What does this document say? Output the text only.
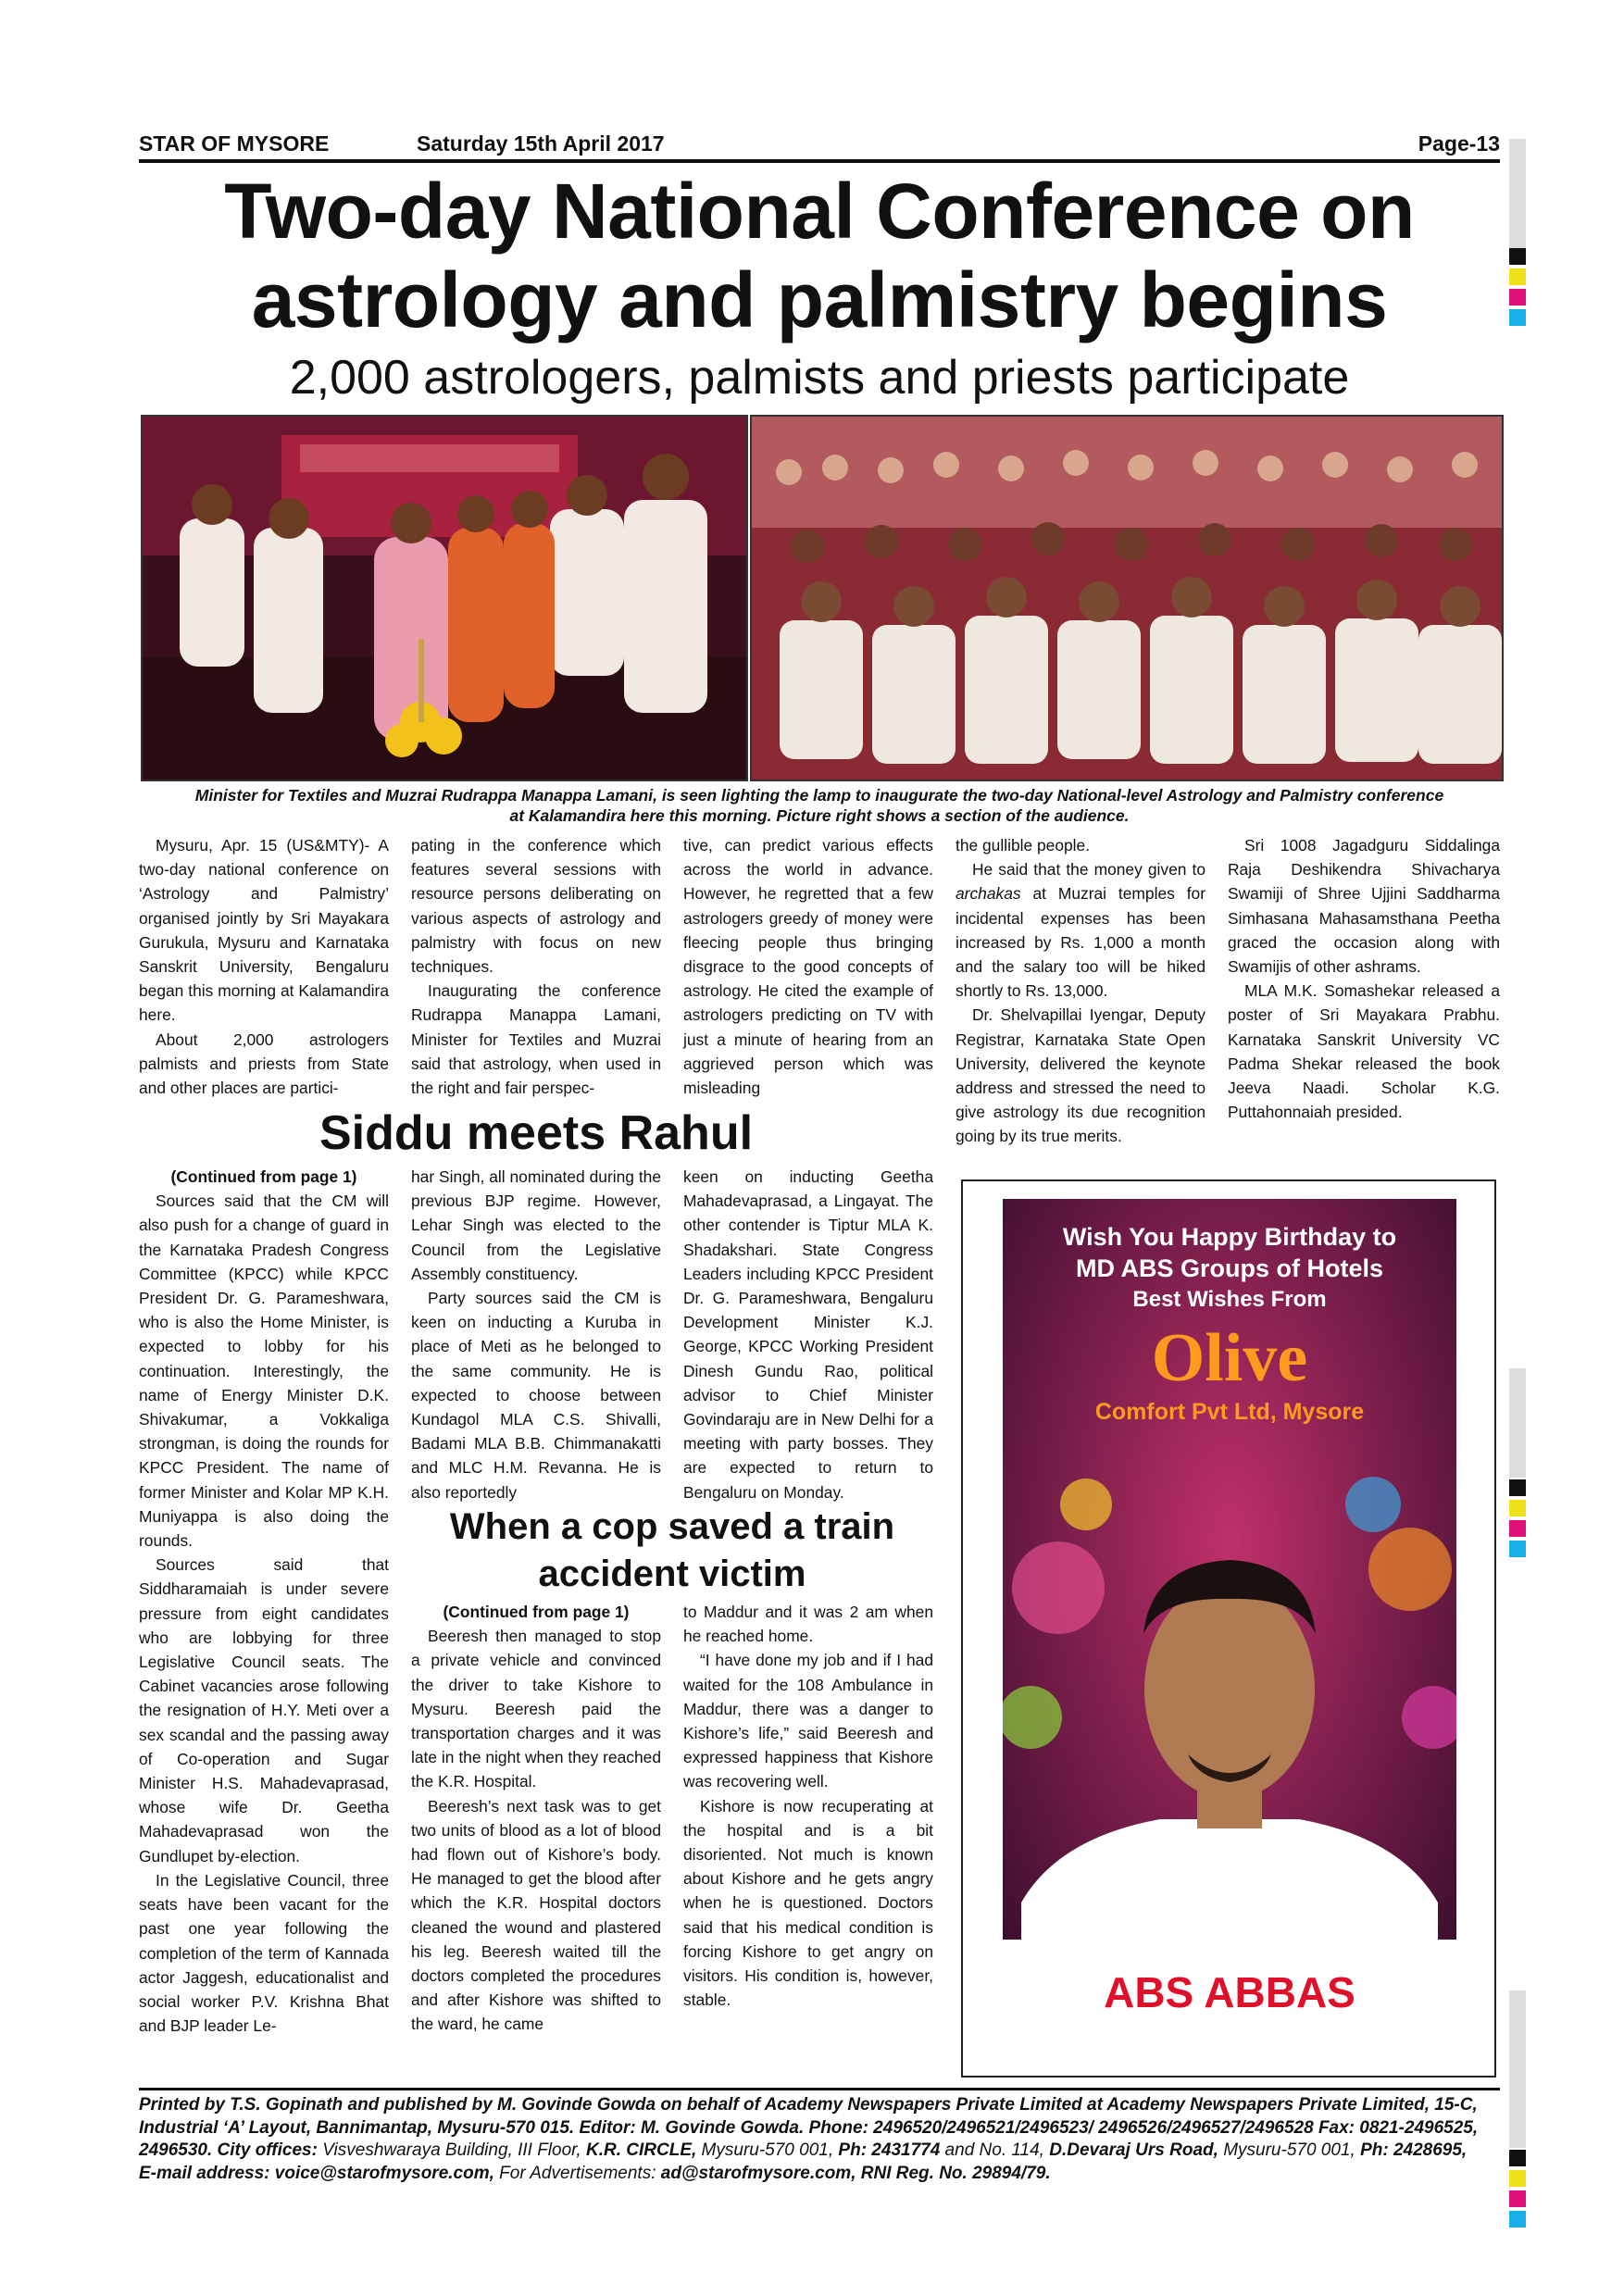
STAR OF MYSORE	Saturday 15th April 2017	Page-13
Two-day National Conference on
astrology and palmistry begins
2,000 astrologers, palmists and priests participate
Minister for Textiles and Muzrai Rudrappa Manappa Lamani, is seen lighting the lamp to inaugurate the two-day National-level Astrology and Palmistry conference
at Kalamandira here this morning. Picture right shows a section of the audience.

Mysuru, Apr. 15 (US&MTY)- A two-day national conference on ‘Astrology and Palmistry’ organised jointly by Sri Mayakara Gurukula, Mysuru and Karnataka Sanskrit University, Bengaluru began this morning at Kalamandira here.

About 2,000 astrologers palmists and priests from State and other places are partici-

pating in the conference which features several sessions with resource persons deliberating on various aspects of astrology and palmistry with focus on new techniques.

Inaugurating the conference Rudrappa Manappa Lamani, Minister for Textiles and Muzrai said that astrology, when used in the right and fair perspec-

tive, can predict various effects across the world in advance. However, he regretted that a few astrologers greedy of money were fleecing people thus bringing disgrace to the good concepts of astrology. He cited the example of astrologers predicting on TV with just a minute of hearing from an aggrieved person which was misleading

the gullible people.

He said that the money given to archakas at Muzrai temples for incidental expenses has been increased by Rs. 1,000 a month and the salary too will be hiked shortly to Rs. 13,000.

Dr. Shelvapillai Iyengar, Deputy Registrar, Karnataka State Open University, delivered the keynote address and stressed the need to give astrology its due recognition going by its true merits.

Sri 1008 Jagadguru Siddalinga Raja Deshikendra Shivacharya Swamiji of Shree Ujjini Saddharma Simhasana Mahasamsthana Peetha graced the occasion along with Swamijis of other ashrams.

MLA M.K. Somashekar released a poster of Sri Mayakara Prabhu. Karnataka Sanskrit University VC Padma Shekar released the book Jeeva Naadi. Scholar K.G. Puttahonnaiah presided.

Siddu meets Rahul

(Continued from page 1)

Sources said that the CM will also push for a change of guard in the Karnataka Pradesh Congress Committee (KPCC) while KPCC President Dr. G. Parameshwara, who is also the Home Minister, is expected to lobby for his continuation. Interestingly, the name of Energy Minister D.K. Shivakumar, a Vokkaliga strongman, is doing the rounds for KPCC President. The name of former Minister and Kolar MP K.H. Muniyappa is also doing the rounds.

Sources said that Siddharamaiah is under severe pressure from eight candidates who are lobbying for three Legislative Council seats. The Cabinet vacancies arose following the resignation of H.Y. Meti over a sex scandal and the passing away of Co-operation and Sugar Minister H.S. Mahadevaprasad, whose wife Dr. Geetha Mahadevaprasad won the Gundlupet by-election.

In the Legislative Council, three seats have been vacant for the past one year following the completion of the term of Kannada actor Jaggesh, educationalist and social worker P.V. Krishna Bhat and BJP leader Le-

har Singh, all nominated during the previous BJP regime. However, Lehar Singh was elected to the Council from the Legislative Assembly constituency.

Party sources said the CM is keen on inducting a Kuruba in place of Meti as he belonged to the same community. He is expected to choose between Kundagol MLA C.S. Shivalli, Badami MLA B.B. Chimmanakatti and MLC H.M. Revanna. He is also reportedly

keen on inducting Geetha Mahadevaprasad, a Lingayat. The other contender is Tiptur MLA K. Shadakshari. State Congress Leaders including KPCC President Dr. G. Parameshwara, Bengaluru Development Minister K.J. George, KPCC Working President Dinesh Gundu Rao, political advisor to Chief Minister Govindaraju are in New Delhi for a meeting with party bosses. They are expected to return to Bengaluru on Monday.

When a cop saved a train
accident victim

(Continued from page 1)

Beeresh then managed to stop a private vehicle and convinced the driver to take Kishore to Mysuru. Beeresh paid the transportation charges and it was late in the night when they reached the K.R. Hospital.

Beeresh’s next task was to get two units of blood as a lot of blood had flown out of Kishore’s body. He managed to get the blood after which the K.R. Hospital doctors cleaned the wound and plastered his leg. Beeresh waited till the doctors completed the procedures and after Kishore was shifted to the ward, he came

to Maddur and it was 2 am when he reached home.

“I have done my job and if I had waited for the 108 Ambulance in Maddur, there was a danger to Kishore’s life,” said Beeresh and expressed happiness that Kishore was recovering well.

Kishore is now recuperating at the hospital and is a bit disoriented. Not much is known about Kishore and he gets angry when he is questioned. Doctors said that his medical condition is forcing Kishore to get angry on visitors. His condition is, however, stable.

Wish You Happy Birthday to
MD ABS Groups of Hotels
Best Wishes From
Olive
Comfort Pvt Ltd, Mysore
ABS ABBAS
Printed by T.S. Gopinath and published by M. Govinde Gowda on behalf of Academy Newspapers Private Limited at Academy Newspapers Private Limited, 15-C,
Industrial ‘A’ Layout, Bannimantap, Mysuru-570 015. Editor: M. Govinde Gowda. Phone: 2496520/2496521/2496523/ 2496526/2496527/2496528 Fax: 0821-2496525,
2496530. City offices: Visveshwaraya Building, III Floor, K.R. CIRCLE, Mysuru-570 001, Ph: 2431774 and No. 114, D.Devaraj Urs Road, Mysuru-570 001, Ph: 2428695,
E-mail address: voice@starofmysore.com, For Advertisements: ad@starofmysore.com, RNI Reg. No. 29894/79.
